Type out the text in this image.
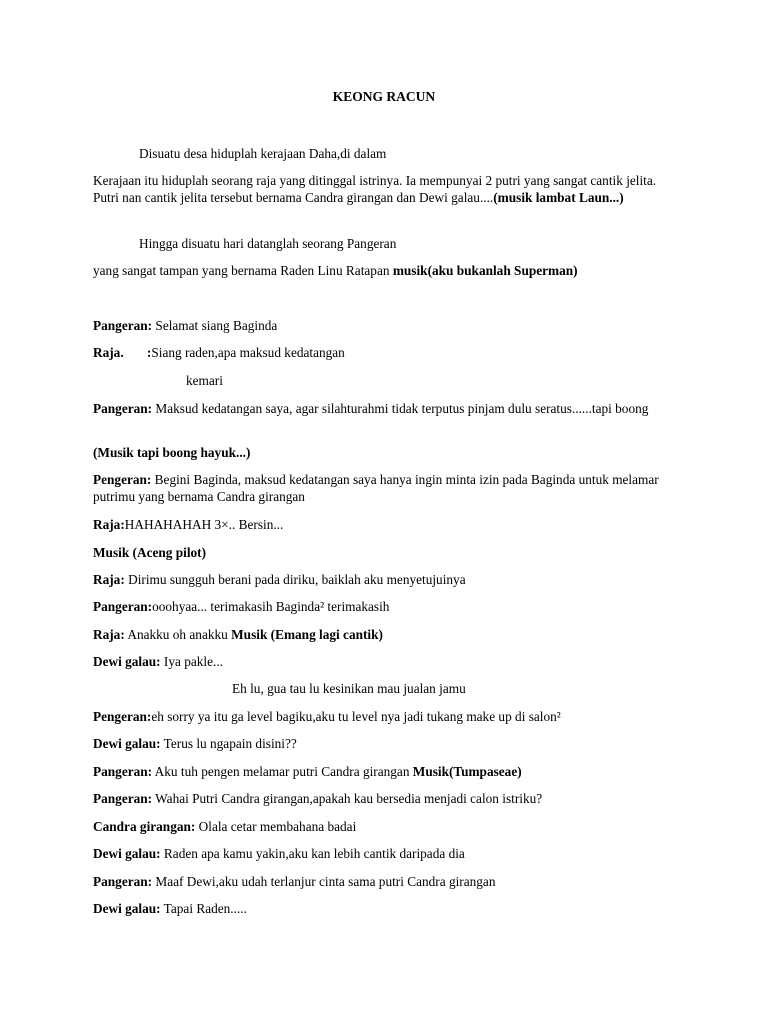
KEONG RACUN

Disuatu desa hiduplah kerajaan Daha,di dalam

Kerajaan itu hiduplah seorang raja yang ditinggal istrinya. Ia mempunyai 2 putri yang sangat cantik jelita. Putri nan cantik jelita tersebut bernama Candra girangan dan Dewi galau....(musik lambat Laun...)

Hingga disuatu hari datanglah seorang Pangeran

yang sangat tampan yang bernama Raden Linu Ratapan musik(aku bukanlah Superman)

Pangeran: Selamat siang Baginda

Raja.       :Siang raden,apa maksud kedatangan

kemari

Pangeran: Maksud kedatangan saya, agar silahturahmi tidak terputus pinjam dulu seratus......tapi boong

(Musik tapi boong hayuk...)

Pengeran: Begini Baginda, maksud kedatangan saya hanya ingin minta izin pada Baginda untuk melamar putrimu yang bernama Candra girangan

Raja:HAHAHAHAH 3×.. Bersin...

Musik (Aceng pilot)

Raja: Dirimu sungguh berani pada diriku, baiklah aku menyetujuinya

Pangeran:ooohyaa... terimakasih Baginda² terimakasih

Raja: Anakku oh anakku Musik (Emang lagi cantik)

Dewi galau: Iya pakle...

Eh lu, gua tau lu kesinikan mau jualan jamu

Pengeran:eh sorry ya itu ga level bagiku,aku tu level nya jadi tukang make up di salon²

Dewi galau: Terus lu ngapain disini??

Pangeran: Aku tuh pengen melamar putri Candra girangan Musik(Tumpaseae)

Pangeran: Wahai Putri Candra girangan,apakah kau bersedia menjadi calon istriku?

Candra girangan: Olala cetar membahana badai

Dewi galau: Raden apa kamu yakin,aku kan lebih cantik daripada dia

Pangeran: Maaf Dewi,aku udah terlanjur cinta sama putri Candra girangan

Dewi galau: Tapai Raden.....
